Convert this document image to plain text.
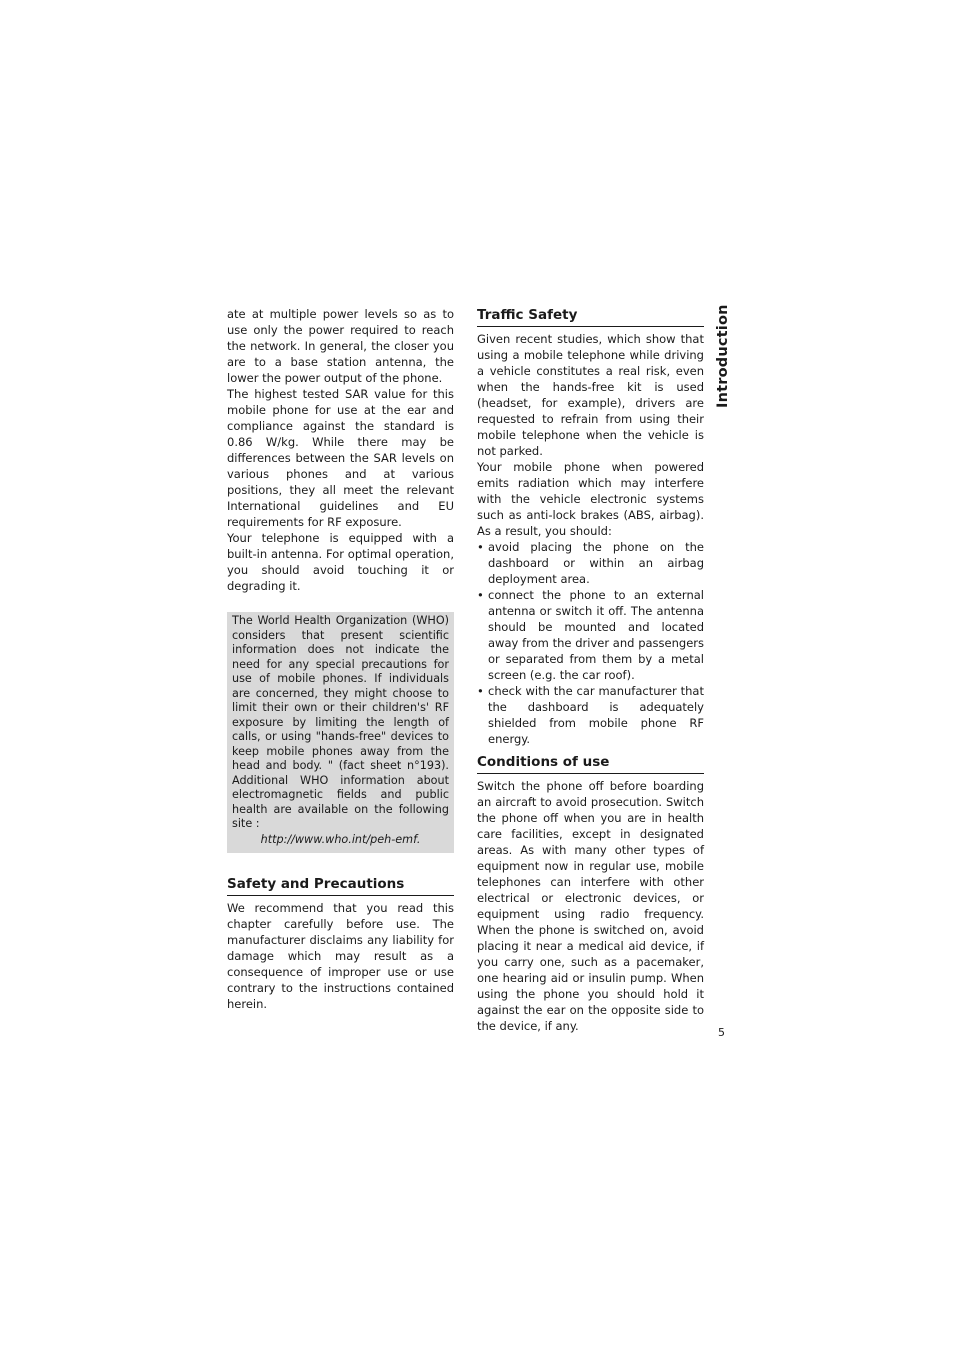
ate at multiple power levels so as to use only the power required to reach the network. In general, the closer you are to a base station antenna, the lower the power output of the phone.

The highest tested SAR value for this mobile phone for use at the ear and compliance against the standard is 0.86 W/kg. While there may be differences between the SAR levels on various phones and at various positions, they all meet the relevant International guidelines and EU requirements for RF exposure.

Your telephone is equipped with a built-in antenna. For optimal operation, you should avoid touching it or degrading it.

The World Health Organization (WHO) considers that present scientific information does not indicate the need for any special precautions for use of mobile phones. If individuals are concerned, they might choose to limit their own or their children's' RF exposure by limiting the length of calls, or using "hands-free" devices to keep mobile phones away from the head and body. " (fact sheet n°193). Additional WHO information about electromagnetic fields and public health are available on the following site :

http://www.who.int/peh-emf.

Safety and Precautions

We recommend that you read this chapter carefully before use. The manufacturer disclaims any liability for damage which may result as a consequence of improper use or use contrary to the instructions contained herein.

Traffic Safety

Given recent studies, which show that using a mobile telephone while driving a vehicle constitutes a real risk, even when the hands-free kit is used (headset, for example), drivers are requested to refrain from using their mobile telephone when the vehicle is not parked.

Your mobile phone when powered emits radiation which may interfere with the vehicle electronic systems such as anti-lock brakes (ABS, airbag). As a result, you should:

• avoid placing the phone on the dashboard or within an airbag deployment area.
• connect the phone to an external antenna or switch it off. The antenna should be mounted and located away from the driver and passengers or separated from them by a metal screen (e.g. the car roof).
• check with the car manufacturer that the dashboard is adequately shielded from mobile phone RF energy.
Conditions of use

Switch the phone off before boarding an aircraft to avoid prosecution. Switch the phone off when you are in health care facilities, except in designated areas. As with many other types of equipment now in regular use, mobile telephones can interfere with other electrical or electronic devices, or equipment using radio frequency. When the phone is switched on, avoid placing it near a medical aid device, if you carry one, such as a pacemaker, one hearing aid or insulin pump. When using the phone you should hold it against the ear on the opposite side to the device, if any.

Introduction
5
